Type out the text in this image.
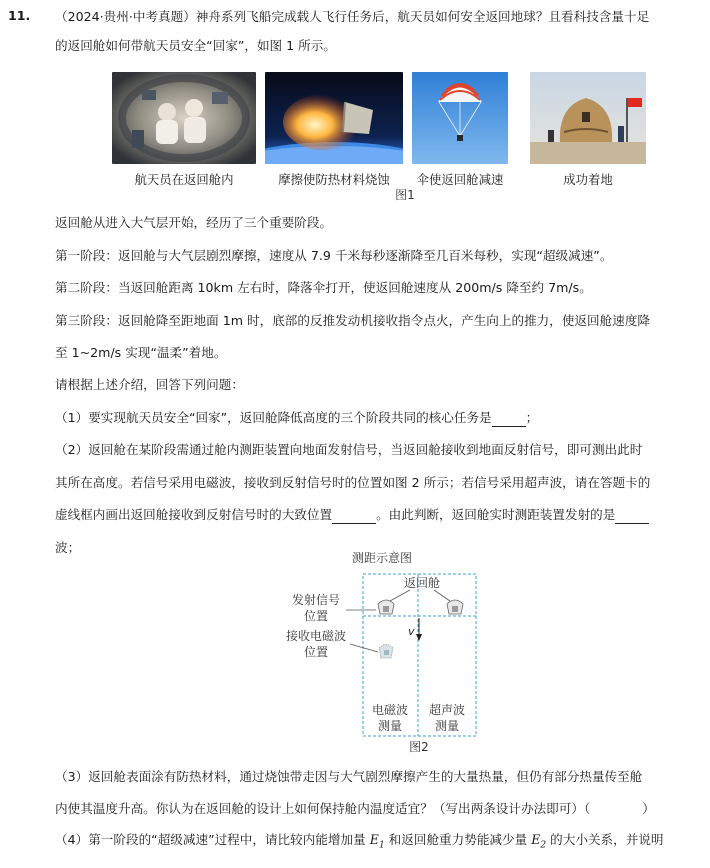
11. （2024·贵州·中考真题）神舟系列飞船完成载人飞行任务后，航天员如何安全返回地球？且看科技含量十足
的返回舱如何带航天员安全“回家”，如图 1 所示。
航天员在返回舱内	摩擦使防热材料烧蚀	伞使返回舱减速	成功着地
图1
返回舱从进入大气层开始，经历了三个重要阶段。
第一阶段：返回舱与大气层剧烈摩擦，速度从 7.9 千米每秒逐渐降至几百米每秒，实现“超级减速”。
第二阶段：当返回舱距离 10km 左右时，降落伞打开，使返回舱速度从 200m/s 降至约 7m/s。
第三阶段：返回舱降至距地面 1m 时，底部的反推发动机接收指令点火，产生向上的推力，使返回舱速度降
至 1~2m/s 实现“温柔”着地。
请根据上述介绍，回答下列问题：
（1）要实现航天员安全“回家”，返回舱降低高度的三个阶段共同的核心任务是	；
（2）返回舱在某阶段需通过舱内测距装置向地面发射信号，当返回舱接收到地面反射信号，即可测出此时
其所在高度。若信号采用电磁波，接收到反射信号时的位置如图 2 所示；若信号采用超声波，请在答题卡的
虚线框内画出返回舱接收到反射信号时的大致位置	。由此判断，返回舱实时测距装置发射的是
波；
测距示意图
返回舱
v
发射信号
位置
接收电磁波
位置
电磁波
测量
超声波
测量
图2
（3）返回舱表面涂有防热材料，通过烧蚀带走因与大气剧烈摩擦产生的大量热量，但仍有部分热量传至舱
内使其温度升高。你认为在返回舱的设计上如何保持舱内温度适宜？（写出两条设计办法即可）（	）
（4）第一阶段的“超级减速”过程中，请比较内能增加量 $E_1$ 和返回舱重力势能减少量 $E_2$ 的大小关系，并说明
